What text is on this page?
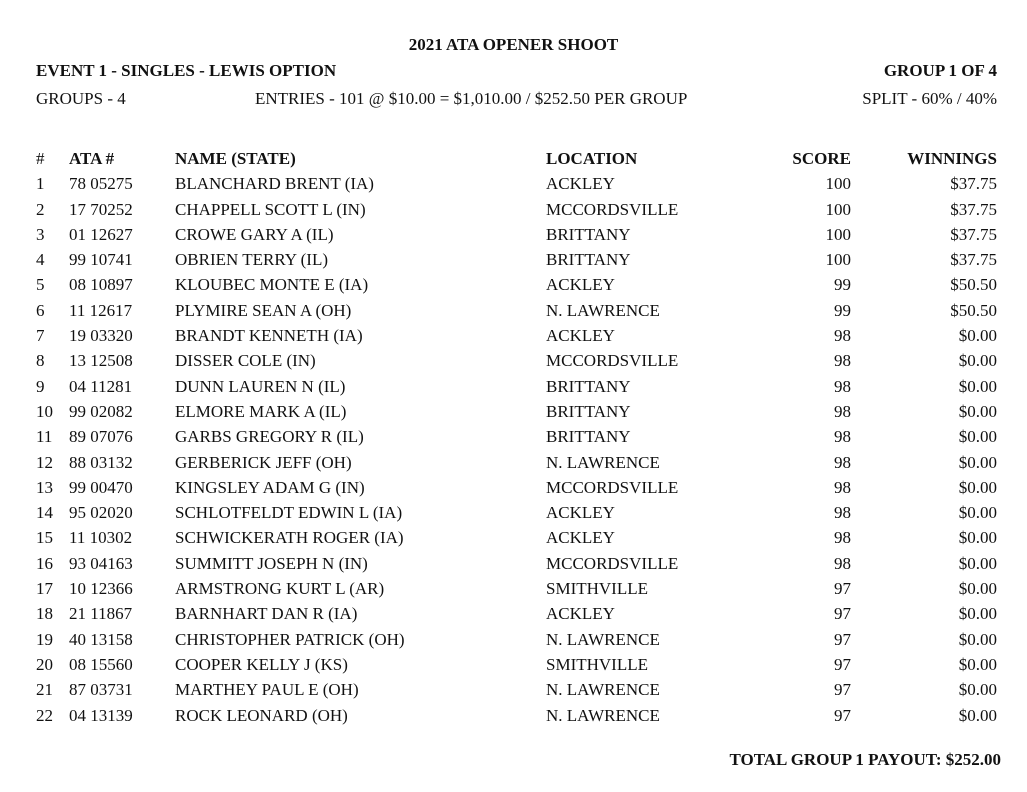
2021 ATA OPENER SHOOT
EVENT 1 - SINGLES - LEWIS OPTION	GROUP 1 OF 4
GROUPS - 4	ENTRIES - 101 @ $10.00 = $1,010.00 / $252.50 PER GROUP	SPLIT - 60% / 40%
# ATA #	NAME (STATE)	LOCATION	SCORE	WINNINGS
1 78 05275 BLANCHARD BRENT (IA)	ACKLEY	100	$37.75
2 17 70252 CHAPPELL SCOTT L (IN)	MCCORDSVILLE	100	$37.75
3 01 12627 CROWE GARY A (IL)	BRITTANY	100	$37.75
4 99 10741 OBRIEN TERRY (IL)	BRITTANY	100	$37.75
5 08 10897 KLOUBEC MONTE E (IA)	ACKLEY	99	$50.50
6 11 12617	PLYMIRE SEAN A (OH)	N. LAWRENCE	99	$50.50
7 19 03320 BRANDT KENNETH (IA)	ACKLEY	98	$0.00
8 13 12508 DISSER COLE (IN)	MCCORDSVILLE	98	$0.00
9 04 11281	DUNN LAUREN N (IL)	BRITTANY	98	$0.00
10 99 02082 ELMORE MARK A (IL)	BRITTANY	98	$0.00
11 89 07076 GARBS GREGORY R (IL)	BRITTANY	98	$0.00
12 88 03132 GERBERICK JEFF (OH)	N. LAWRENCE	98	$0.00
13 99 00470 KINGSLEY ADAM G (IN)	MCCORDSVILLE	98	$0.00
14 95 02020 SCHLOTFELDT EDWIN L (IA)	ACKLEY	98	$0.00
15 11 10302	SCHWICKERATH ROGER (IA)	ACKLEY	98	$0.00
16 93 04163 SUMMITT JOSEPH N (IN)	MCCORDSVILLE	98	$0.00
17 10 12366 ARMSTRONG KURT L (AR)	SMITHVILLE	97	$0.00
18 21 11867	BARNHART DAN R (IA)	ACKLEY	97	$0.00
19 40 13158 CHRISTOPHER PATRICK (OH)	N. LAWRENCE	97	$0.00
20 08 15560 COOPER KELLY J (KS)	SMITHVILLE	97	$0.00
21 87 03731 MARTHEY PAUL E (OH)	N. LAWRENCE	97	$0.00
22 04 13139 ROCK LEONARD (OH)	N. LAWRENCE	97	$0.00
TOTAL GROUP 1 PAYOUT: $252.00
